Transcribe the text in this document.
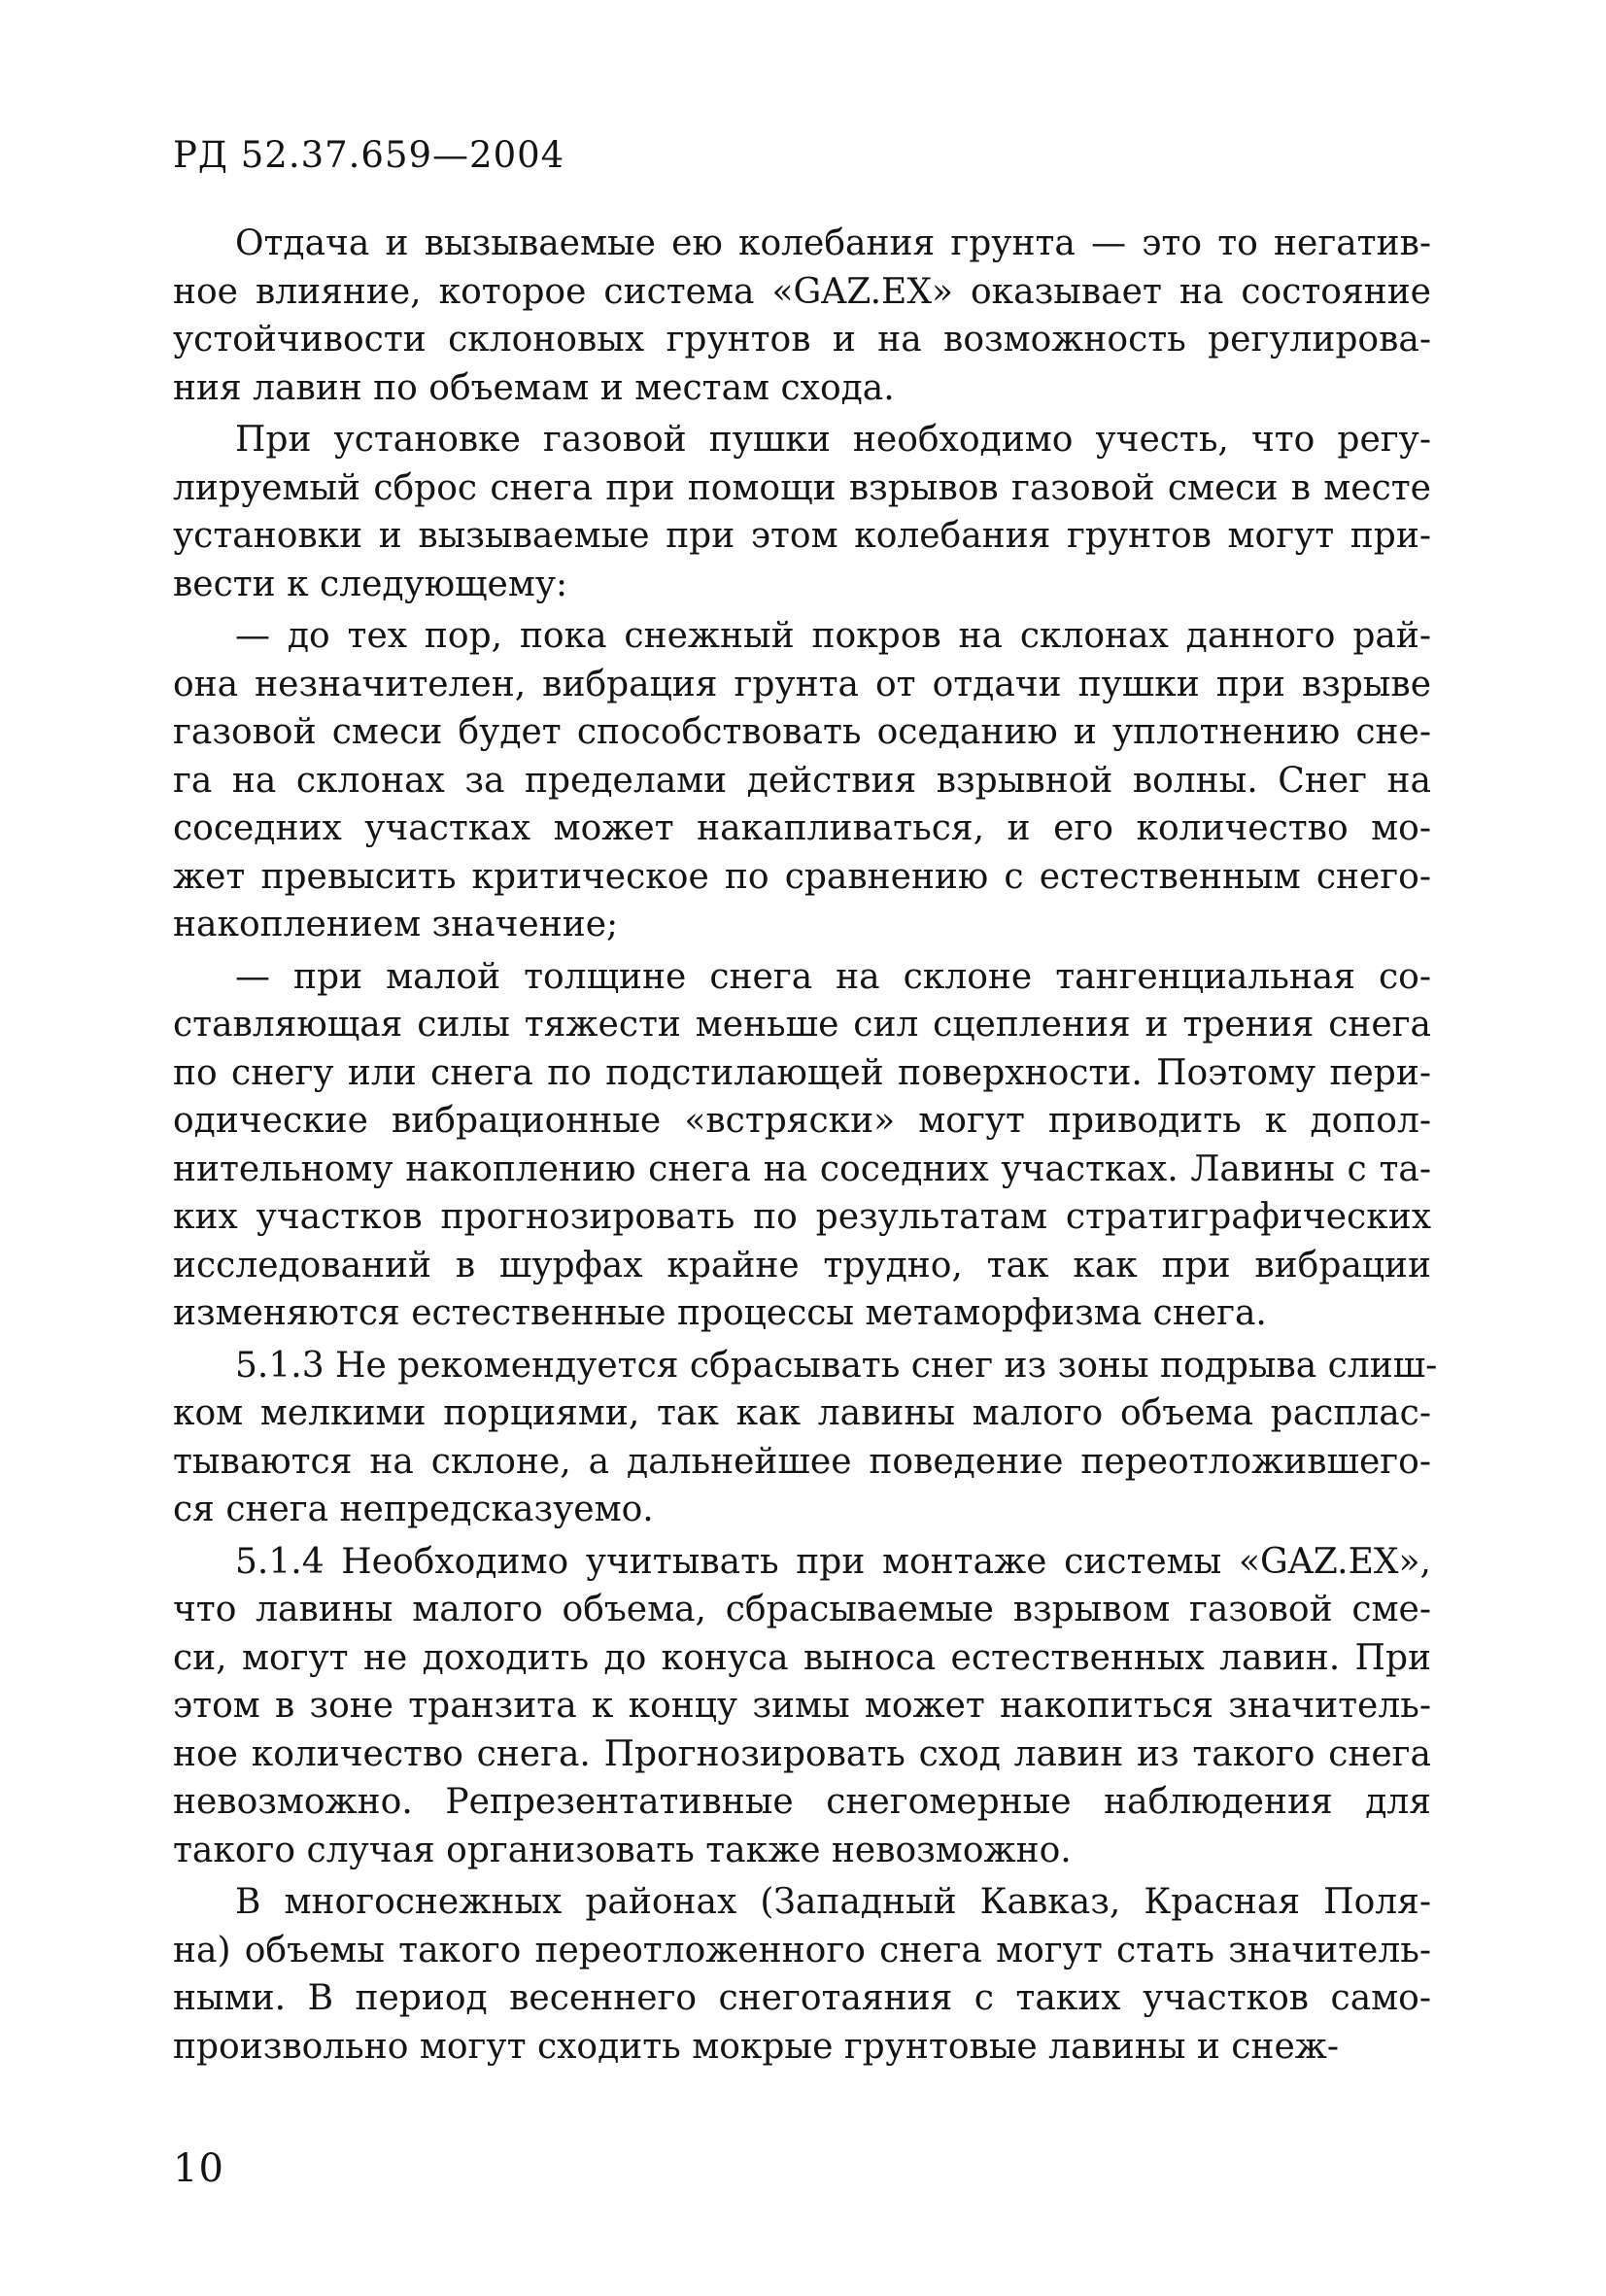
РД 52.37.659—2004
Отдача и вызываемые ею колебания грунта — это то негатив-
ное влияние, которое система «GAZ.EX» оказывает на состояние
устойчивости склоновых грунтов и на возможность регулирова-
ния лавин по объемам и местам схода.
При установке газовой пушки необходимо учесть, что регу-
лируемый сброс снега при помощи взрывов газовой смеси в месте
установки и вызываемые при этом колебания грунтов могут при-
вести к следующему:
— до тех пор, пока снежный покров на склонах данного рай-
она незначителен, вибрация грунта от отдачи пушки при взрыве
газовой смеси будет способствовать оседанию и уплотнению сне-
га на склонах за пределами действия взрывной волны. Снег на
соседних участках может накапливаться, и его количество мо-
жет превысить критическое по сравнению с естественным снего-
накоплением значение;
— при малой толщине снега на склоне тангенциальная со-
ставляющая силы тяжести меньше сил сцепления и трения снега
по снегу или снега по подстилающей поверхности. Поэтому пери-
одические вибрационные «встряски» могут приводить к допол-
нительному накоплению снега на соседних участках. Лавины с та-
ких участков прогнозировать по результатам стратиграфических
исследований в шурфах крайне трудно, так как при вибрации
изменяются естественные процессы метаморфизма снега.
5.1.3 Не рекомендуется сбрасывать снег из зоны подрыва слиш-
ком мелкими порциями, так как лавины малого объема расплас-
тываются на склоне, а дальнейшее поведение переотложившего-
ся снега непредсказуемо.
5.1.4 Необходимо учитывать при монтаже системы «GAZ.EX»,
что лавины малого объема, сбрасываемые взрывом газовой сме-
си, могут не доходить до конуса выноса естественных лавин. При
этом в зоне транзита к концу зимы может накопиться значитель-
ное количество снега. Прогнозировать сход лавин из такого снега
невозможно. Репрезентативные снегомерные наблюдения для
такого случая организовать также невозможно.
В многоснежных районах (Западный Кавказ, Красная Поля-
на) объемы такого переотложенного снега могут стать значитель-
ными. В период весеннего снеготаяния с таких участков само-
произвольно могут сходить мокрые грунтовые лавины и снеж-
10
